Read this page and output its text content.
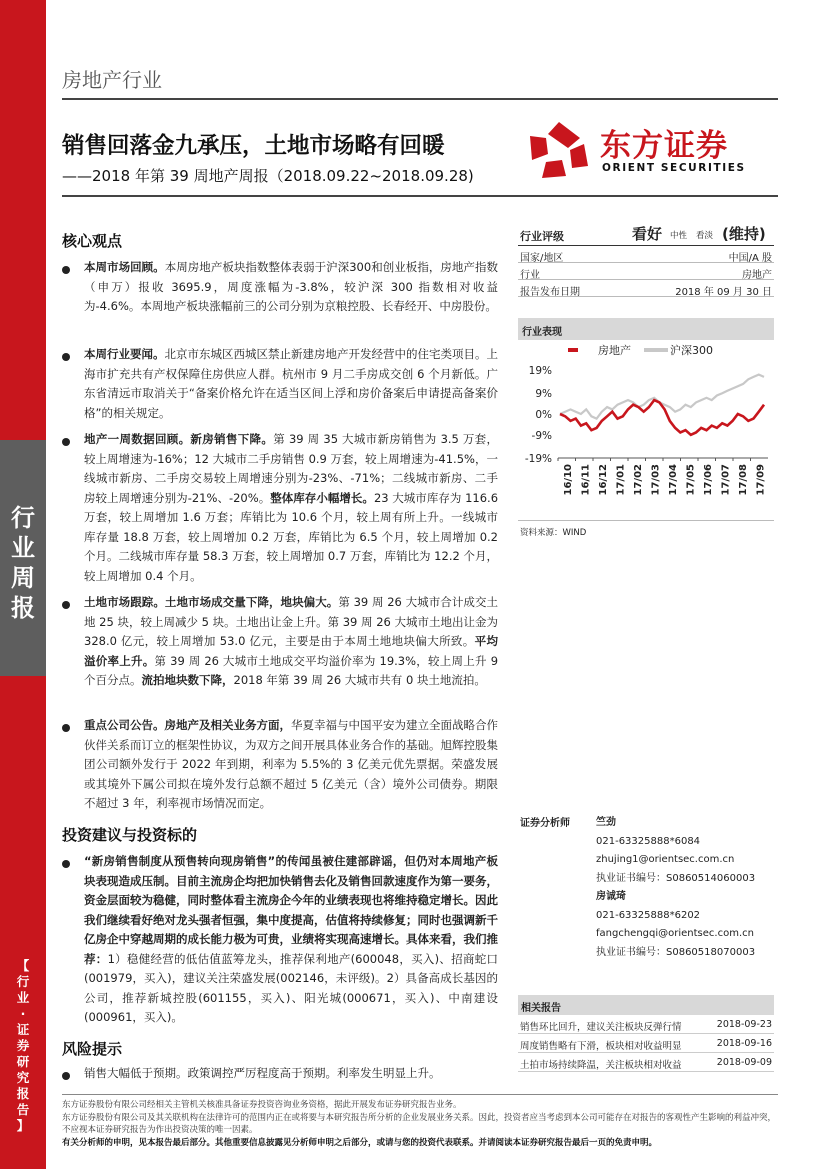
行
业
周
报
【
行
业
·
证
券
研
究
报
告
】
房地产行业
销售回落金九承压，土地市场略有回暖
——2018 年第 39 周地产周报（2018.09.22~2018.09.28)
东方证券
ORIENT SECURITIES
核心观点
本周市场回顾。本周房地产板块指数整体表弱于沪深300和创业板指，房地产指数（申万）报收 3695.9，周度涨幅为-3.8%，较沪深 300 指数相对收益为-4.6%。本周地产板块涨幅前三的公司分别为京粮控股、长春经开、中房股份。
本周行业要闻。北京市东城区西城区禁止新建房地产开发经营中的住宅类项目。上海市扩充共有产权保障住房供应人群。杭州市 9 月二手房成交创 6 个月新低。广东省清远市取消关于“备案价格允许在适当区间上浮和房价备案后申请提高备案价格”的相关规定。
地产一周数据回顾。新房销售下降。第 39 周 35 大城市新房销售为 3.5 万套，较上周增速为-16%；12 大城市二手房销售 0.9 万套，较上周增速为-41.5%，一线城市新房、二手房交易较上周增速分别为-23%、-71%；二线城市新房、二手房较上周增速分别为-21%、-20%。整体库存小幅增长。23 大城市库存为 116.6 万套，较上周增加 1.6 万套；库销比为 10.6 个月，较上周有所上升。一线城市库存量 18.8 万套，较上周增加 0.2 万套，库销比为 6.5 个月，较上周增加 0.2 个月。二线城市库存量 58.3 万套，较上周增加 0.7 万套，库销比为 12.2 个月，较上周增加 0.4 个月。
土地市场跟踪。土地市场成交量下降，地块偏大。第 39 周 26 大城市合计成交土地 25 块，较上周减少 5 块。土地出让金上升。第 39 周 26 大城市土地出让金为 328.0 亿元，较上周增加 53.0 亿元，主要是由于本周土地地块偏大所致。平均溢价率上升。第 39 周 26 大城市土地成交平均溢价率为 19.3%，较上周上升 9 个百分点。流拍地块数下降，2018 年第 39 周 26 大城市共有 0 块土地流拍。
重点公司公告。房地产及相关业务方面，华夏幸福与中国平安为建立全面战略合作伙伴关系而订立的框架性协议，为双方之间开展具体业务合作的基础。旭辉控股集团公司额外发行于 2022 年到期，利率为 5.5%的 3 亿美元优先票据。荣盛发展或其境外下属公司拟在境外发行总额不超过 5 亿美元（含）境外公司债券。期限不超过 3 年，利率视市场情况而定。
投资建议与投资标的
“新房销售制度从预售转向现房销售”的传闻虽被住建部辟谣，但仍对本周地产板块表现造成压制。目前主流房企均把加快销售去化及销售回款速度作为第一要务，资金层面较为稳健，同时整体看主流房企今年的业绩表现也将维持稳定增长。因此我们继续看好绝对龙头强者恒强，集中度提高，估值将持续修复；同时也强调新千亿房企中穿越周期的成长能力极为可贵，业绩将实现高速增长。具体来看，我们推荐：1）稳健经营的低估值蓝筹龙头，推荐保利地产(600048，买入)、招商蛇口(001979，买入)，建议关注荣盛发展(002146，未评级)。2）具备高成长基因的公司，推荐新城控股(601155，买入)、阳光城(000671，买入)、中南建设(000961，买入)。
风险提示
销售大幅低于预期。政策调控严厉程度高于预期。利率发生明显上升。
行业评级	看好 中性 看淡 (维持)
国家/地区	中国/A 股
行业	房地产
报告发布日期	2018 年 09 月 30 日
行业表现
房地产	沪深300
19%
9%
0%
-9%
-19%
16/10 16/11 16/12 17/01 17/02 17/03 17/04 17/05 17/06 17/07 17/08 17/09
资料来源：WIND
证券分析师	竺劲
021-63325888*6084
zhujing1@orientsec.com.cn
执业证书编号：S0860514060003
房诚琦
021-63325888*6202
fangchengqi@orientsec.com.cn
执业证书编号：S0860518070003
相关报告
销售环比回升，建议关注板块反弹行情	2018-09-23
周度销售略有下滑，板块相对收益明显	2018-09-16
土拍市场持续降温，关注板块相对收益	2018-09-09
东方证券股份有限公司经相关主管机关核准具备证券投资咨询业务资格，据此开展发布证券研究报告业务。
东方证券股份有限公司及其关联机构在法律许可的范围内正在或将要与本研究报告所分析的企业发展业务关系。因此，投资者应当考虑到本公司可能存在对报告的客观性产生影响的利益冲突，不应视本证券研究报告为作出投资决策的唯一因素。
有关分析师的申明，见本报告最后部分。其他重要信息披露见分析师申明之后部分，或请与您的投资代表联系。并请阅读本证券研究报告最后一页的免责申明。
